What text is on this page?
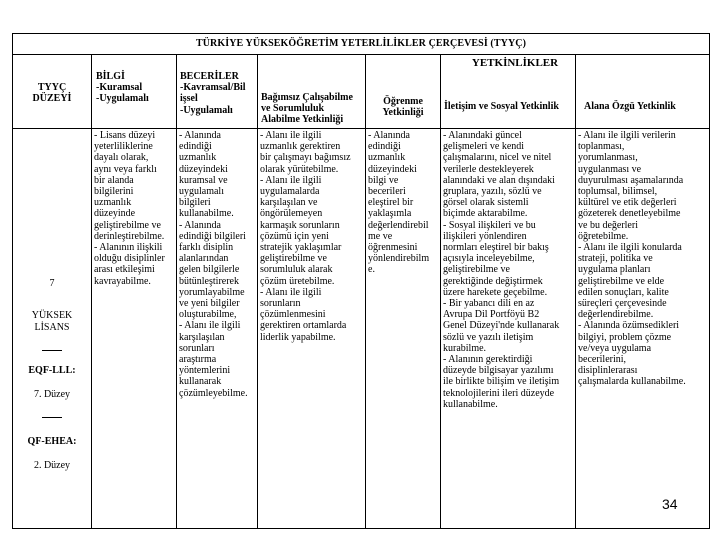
TÜRKİYE YÜKSEKÖĞRETİM YETERLİLİKLER ÇERÇEVESİ (TYYÇ)
YETKİNLİKLER
TYYÇ
DÜZEYİ
BİLGİ
-Kuramsal
-Uygulamalı
BECERİLER
-Kavramsal/Bil
işsel
-Uygulamalı
Bağımsız Çalışabilme
ve Sorumluluk
Alabilme Yetkinliği
Öğrenme
Yetkinliği
İletişim ve Sosyal Yetkinlik	Alana Özgü Yetkinlik

7

YÜKSEK
LİSANS

EQF-LLL:

7. Düzey

QF-EHEA:

2. Düzey

- Lisans düzeyi
yeterliliklerine
dayalı olarak,
aynı veya farklı
bir alanda
bilgilerini
uzmanlık
düzeyinde
geliştirebilme ve
derinleştirebilme.
- Alanının ilişkili
olduğu disiplinler
arası etkileşimi
kavrayabilme.
- Alanında
edindiği
uzmanlık
düzeyindeki
kuramsal ve
uygulamalı
bilgileri
kullanabilme.
- Alanında
edindiği bilgileri
farklı disiplin
alanlarından
gelen bilgilerle
bütünleştirerek
yorumlayabilme
ve yeni bilgiler
oluşturabilme,
- Alanı ile ilgili
karşılaşılan
sorunları
araştırma
yöntemlerini
kullanarak
çözümleyebilme.
- Alanı ile ilgili
uzmanlık gerektiren
bir çalışmayı bağımsız
olarak yürütebilme.
- Alanı ile ilgili
uygulamalarda
karşılaşılan ve
öngörülemeyen
karmaşık sorunların
çözümü için yeni
stratejik yaklaşımlar
geliştirebilme ve
sorumluluk alarak
çözüm üretebilme.
- Alanı ile ilgili
sorunların
çözümlenmesini
gerektiren ortamlarda
liderlik yapabilme.
- Alanında
edindiği
uzmanlık
düzeyindeki
bilgi ve
becerileri
eleştirel bir
yaklaşımla
değerlendirebil
me ve
öğrenmesini
yönlendirebilm
e.
- Alanındaki güncel
gelişmeleri ve kendi
çalışmalarını, nicel ve nitel
verilerle destekleyerek
alanındaki ve alan dışındaki
gruplara, yazılı, sözlü ve
görsel olarak sistemli
biçimde aktarabilme.
- Sosyal ilişkileri ve bu
ilişkileri yönlendiren
normları eleştirel bir bakış
açısıyla inceleyebilme,
geliştirebilme ve
gerektiğinde değiştirmek
üzere harekete geçebilme.
- Bir yabancı dili en az
Avrupa Dil Portföyü B2
Genel Düzeyi'nde kullanarak
sözlü ve yazılı iletişim
kurabilme.
- Alanının gerektirdiği
düzeyde bilgisayar yazılımı
ile birlikte bilişim ve iletişim
teknolojilerini ileri düzeyde
kullanabilme.
- Alanı ile ilgili verilerin
toplanması,
yorumlanması,
uygulanması ve
duyurulması aşamalarında
toplumsal, bilimsel,
kültürel ve etik değerleri
gözeterek denetleyebilme
ve bu değerleri
öğretebilme.
- Alanı ile ilgili konularda
strateji, politika ve
uygulama planları
geliştirebilme ve elde
edilen sonuçları, kalite
süreçleri çerçevesinde
değerlendirebilme.
- Alanında özümsedikleri
bilgiyi, problem çözme
ve/veya uygulama
becerilerini,
disiplinlerarası
çalışmalarda kullanabilme.
34
